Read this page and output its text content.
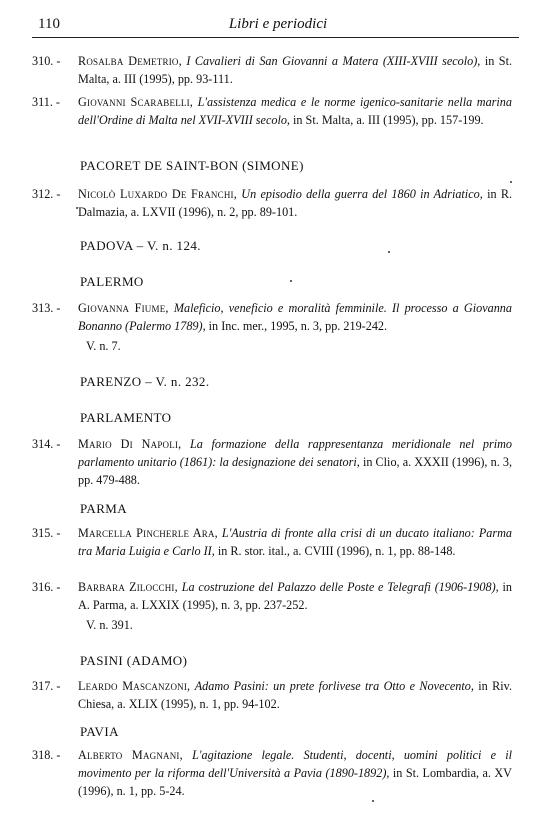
110	Libri e periodici
310. -	Rosalba Demetrio, I Cavalieri di San Giovanni a Matera (XIII-XVIII secolo), in St. Malta, a. III (1995), pp. 93-111.
311. -	Giovanni Scarabelli, L'assistenza medica e le norme igenico-sanitarie nella marina dell'Ordine di Malta nel XVII-XVIII secolo, in St. Malta, a. III (1995), pp. 157-199.
PACORET DE SAINT-BON (SIMONE)
312. -	Nicolò Luxardo De Franchi, Un episodio della guerra del 1860 in Adriatico, in R. Dalmazia, a. LXVII (1996), n. 2, pp. 89-101.
PADOVA – V. n. 124.
PALERMO
313. -	Giovanna Fiume, Maleficio, veneficio e moralità femminile. Il processo a Giovanna Bonanno (Palermo 1789), in Inc. mer., 1995, n. 3, pp. 219-242.
V. n. 7.
PARENZO – V. n. 232.
PARLAMENTO
314. -	Mario Di Napoli, La formazione della rappresentanza meridionale nel primo parlamento unitario (1861): la designazione dei senatori, in Clio, a. XXXII (1996), n. 3, pp. 479-488.
PARMA
315. -	Marcella Pincherle Ara, L'Austria di fronte alla crisi di un ducato italiano: Parma tra Maria Luigia e Carlo II, in R. stor. ital., a. CVIII (1996), n. 1, pp. 88-148.
316. -	Barbara Zilocchi, La costruzione del Palazzo delle Poste e Telegrafi (1906-1908), in A. Parma, a. LXXIX (1995), n. 3, pp. 237-252.
V. n. 391.
PASINI (ADAMO)
317. -	Leardo Mascanzoni, Adamo Pasini: un prete forlivese tra Otto e Novecento, in Riv. Chiesa, a. XLIX (1995), n. 1, pp. 94-102.
PAVIA
318. -	Alberto Magnani, L'agitazione legale. Studenti, docenti, uomini politici e il movimento per la riforma dell'Università a Pavia (1890-1892), in St. Lombardia, a. XV (1996), n. 1, pp. 5-24.
